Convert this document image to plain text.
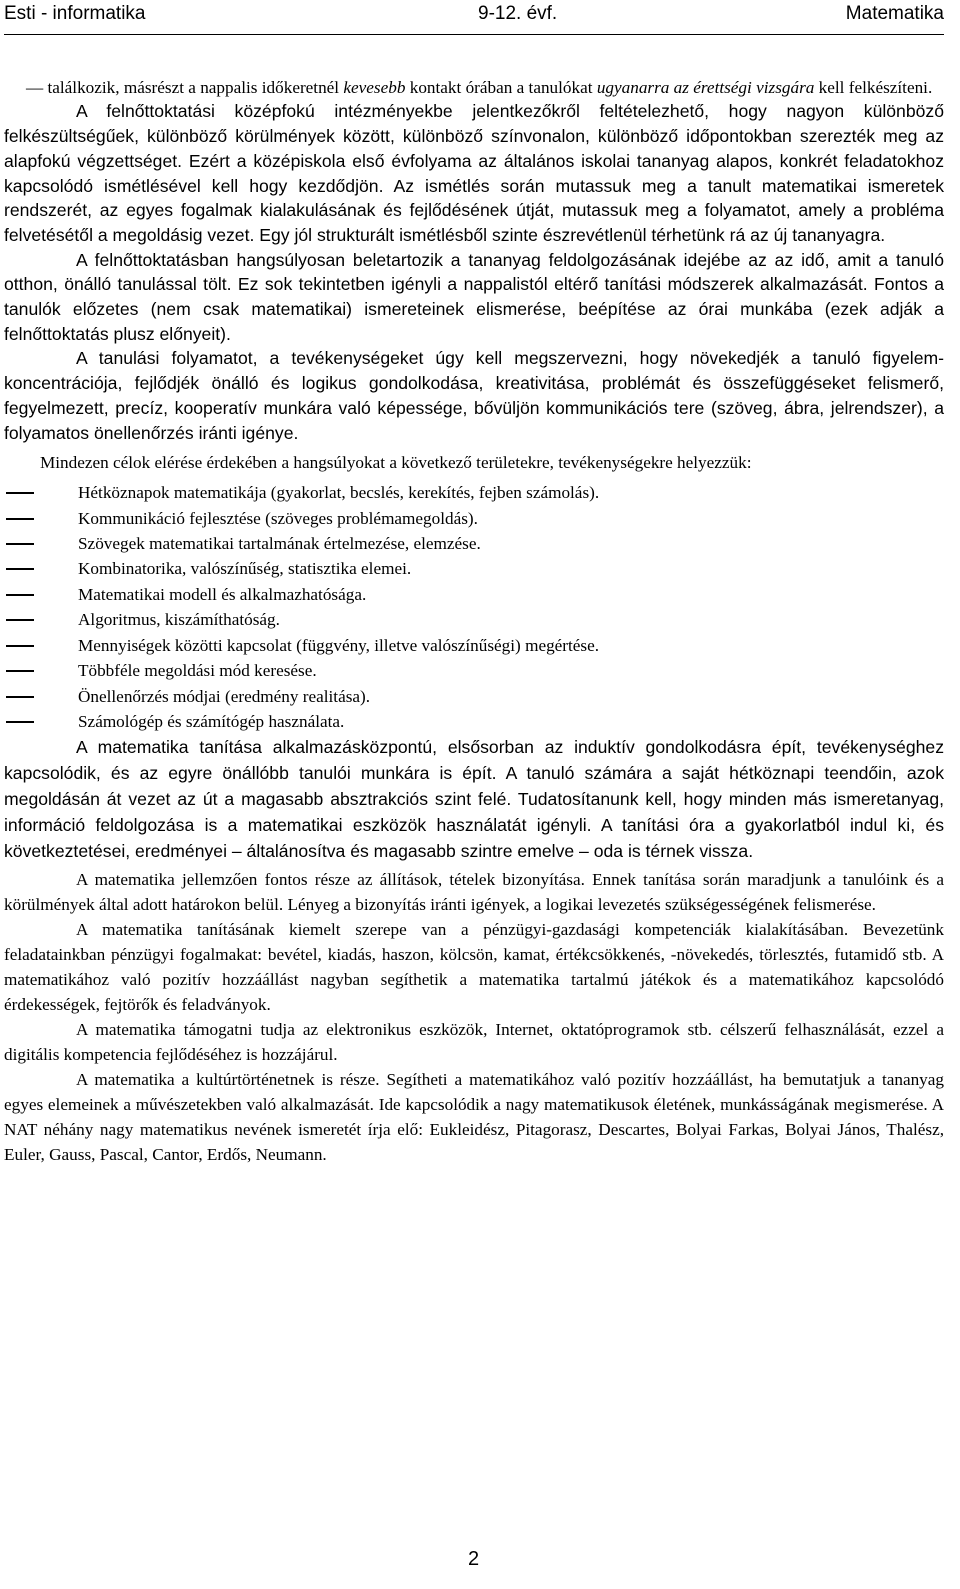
Esti - informatika	9-12. évf.	Matematika

— találkozik, másrészt a nappalis időkeretnél kevesebb kontakt órában a tanulókat ugyanarra az érettségi vizsgára kell felkészíteni.

A felnőttoktatási középfokú intézményekbe jelentkezőkről feltételezhető, hogy nagyon különböző felkészültségűek, különböző körülmények között, különböző színvonalon, különböző időpontokban szerezték meg az alapfokú végzettséget. Ezért a középiskola első évfolyama az általános iskolai tananyag alapos, konkrét feladatokhoz kapcsolódó ismétlésével kell hogy kezdődjön. Az ismétlés során mutassuk meg a tanult matematikai ismeretek rendszerét, az egyes fogalmak kialakulásának és fejlődésének útját, mutassuk meg a folyamatot, amely a probléma felvetésétől a megoldásig vezet. Egy jól strukturált ismétlésből szinte észrevétlenül térhetünk rá az új tananyagra.

A felnőttoktatásban hangsúlyosan beletartozik a tananyag feldolgozásának idejébe az az idő, amit a tanuló otthon, önálló tanulással tölt. Ez sok tekintetben igényli a nappalistól eltérő tanítási módszerek alkalmazását. Fontos a tanulók előzetes (nem csak matematikai) ismereteinek elismerése, beépítése az órai munkába (ezek adják a felnőttoktatás plusz előnyeit).

A tanulási folyamatot, a tevékenységeket úgy kell megszervezni, hogy növekedjék a tanuló figyelem-koncentrációja, fejlődjék önálló és logikus gondolkodása, kreativitása, problémát és összefüggéseket felismerő, fegyelmezett, precíz, kooperatív munkára való képessége, bővüljön kommunikációs tere (szöveg, ábra, jelrendszer), a folyamatos önellenőrzés iránti igénye.

Mindezen célok elérése érdekében a hangsúlyokat a következő területekre, tevékenységekre helyezzük:

Hétköznapok matematikája (gyakorlat, becslés, kerekítés, fejben számolás).
Kommunikáció fejlesztése (szöveges problémamegoldás).
Szövegek matematikai tartalmának értelmezése, elemzése.
Kombinatorika, valószínűség, statisztika elemei.
Matematikai modell és alkalmazhatósága.
Algoritmus, kiszámíthatóság.
Mennyiségek közötti kapcsolat (függvény, illetve valószínűségi) megértése.
Többféle megoldási mód keresése.
Önellenőrzés módjai (eredmény realitása).
Számológép és számítógép használata.

A matematika tanítása alkalmazásközpontú, elsősorban az induktív gondolkodásra épít, tevékenységhez kapcsolódik, és az egyre önállóbb tanulói munkára is épít. A tanuló számára a saját hétköznapi teendőin, azok megoldásán át vezet az út a magasabb absztrakciós szint felé. Tudatosítanunk kell, hogy minden más ismeretanyag, információ feldolgozása is a matematikai eszközök használatát igényli. A tanítási óra a gyakorlatból indul ki, és következtetései, eredményei – általánosítva és magasabb szintre emelve – oda is térnek vissza.

A matematika jellemzően fontos része az állítások, tételek bizonyítása. Ennek tanítása során maradjunk a tanulóink és a körülmények által adott határokon belül. Lényeg a bizonyítás iránti igények, a logikai levezetés szükségességének felismerése.

A matematika tanításának kiemelt szerepe van a pénzügyi-gazdasági kompetenciák kialakításában. Bevezetünk feladatainkban pénzügyi fogalmakat: bevétel, kiadás, haszon, kölcsön, kamat, értékcsökkenés, -növekedés, törlesztés, futamidő stb. A matematikához való pozitív hozzáállást nagyban segíthetik a matematika tartalmú játékok és a matematikához kapcsolódó érdekességek, fejtörők és feladványok.

A matematika támogatni tudja az elektronikus eszközök, Internet, oktatóprogramok stb. célszerű felhasználását, ezzel a digitális kompetencia fejlődéséhez is hozzájárul.

A matematika a kultúrtörténetnek is része. Segítheti a matematikához való pozitív hozzáállást, ha bemutatjuk a tananyag egyes elemeinek a művészetekben való alkalmazását. Ide kapcsolódik a nagy matematikusok életének, munkásságának megismerése. A NAT néhány nagy matematikus nevének ismeretét írja elő: Eukleidész, Pitagorasz, Descartes, Bolyai Farkas, Bolyai János, Thalész, Euler, Gauss, Pascal, Cantor, Erdős, Neumann.

2
